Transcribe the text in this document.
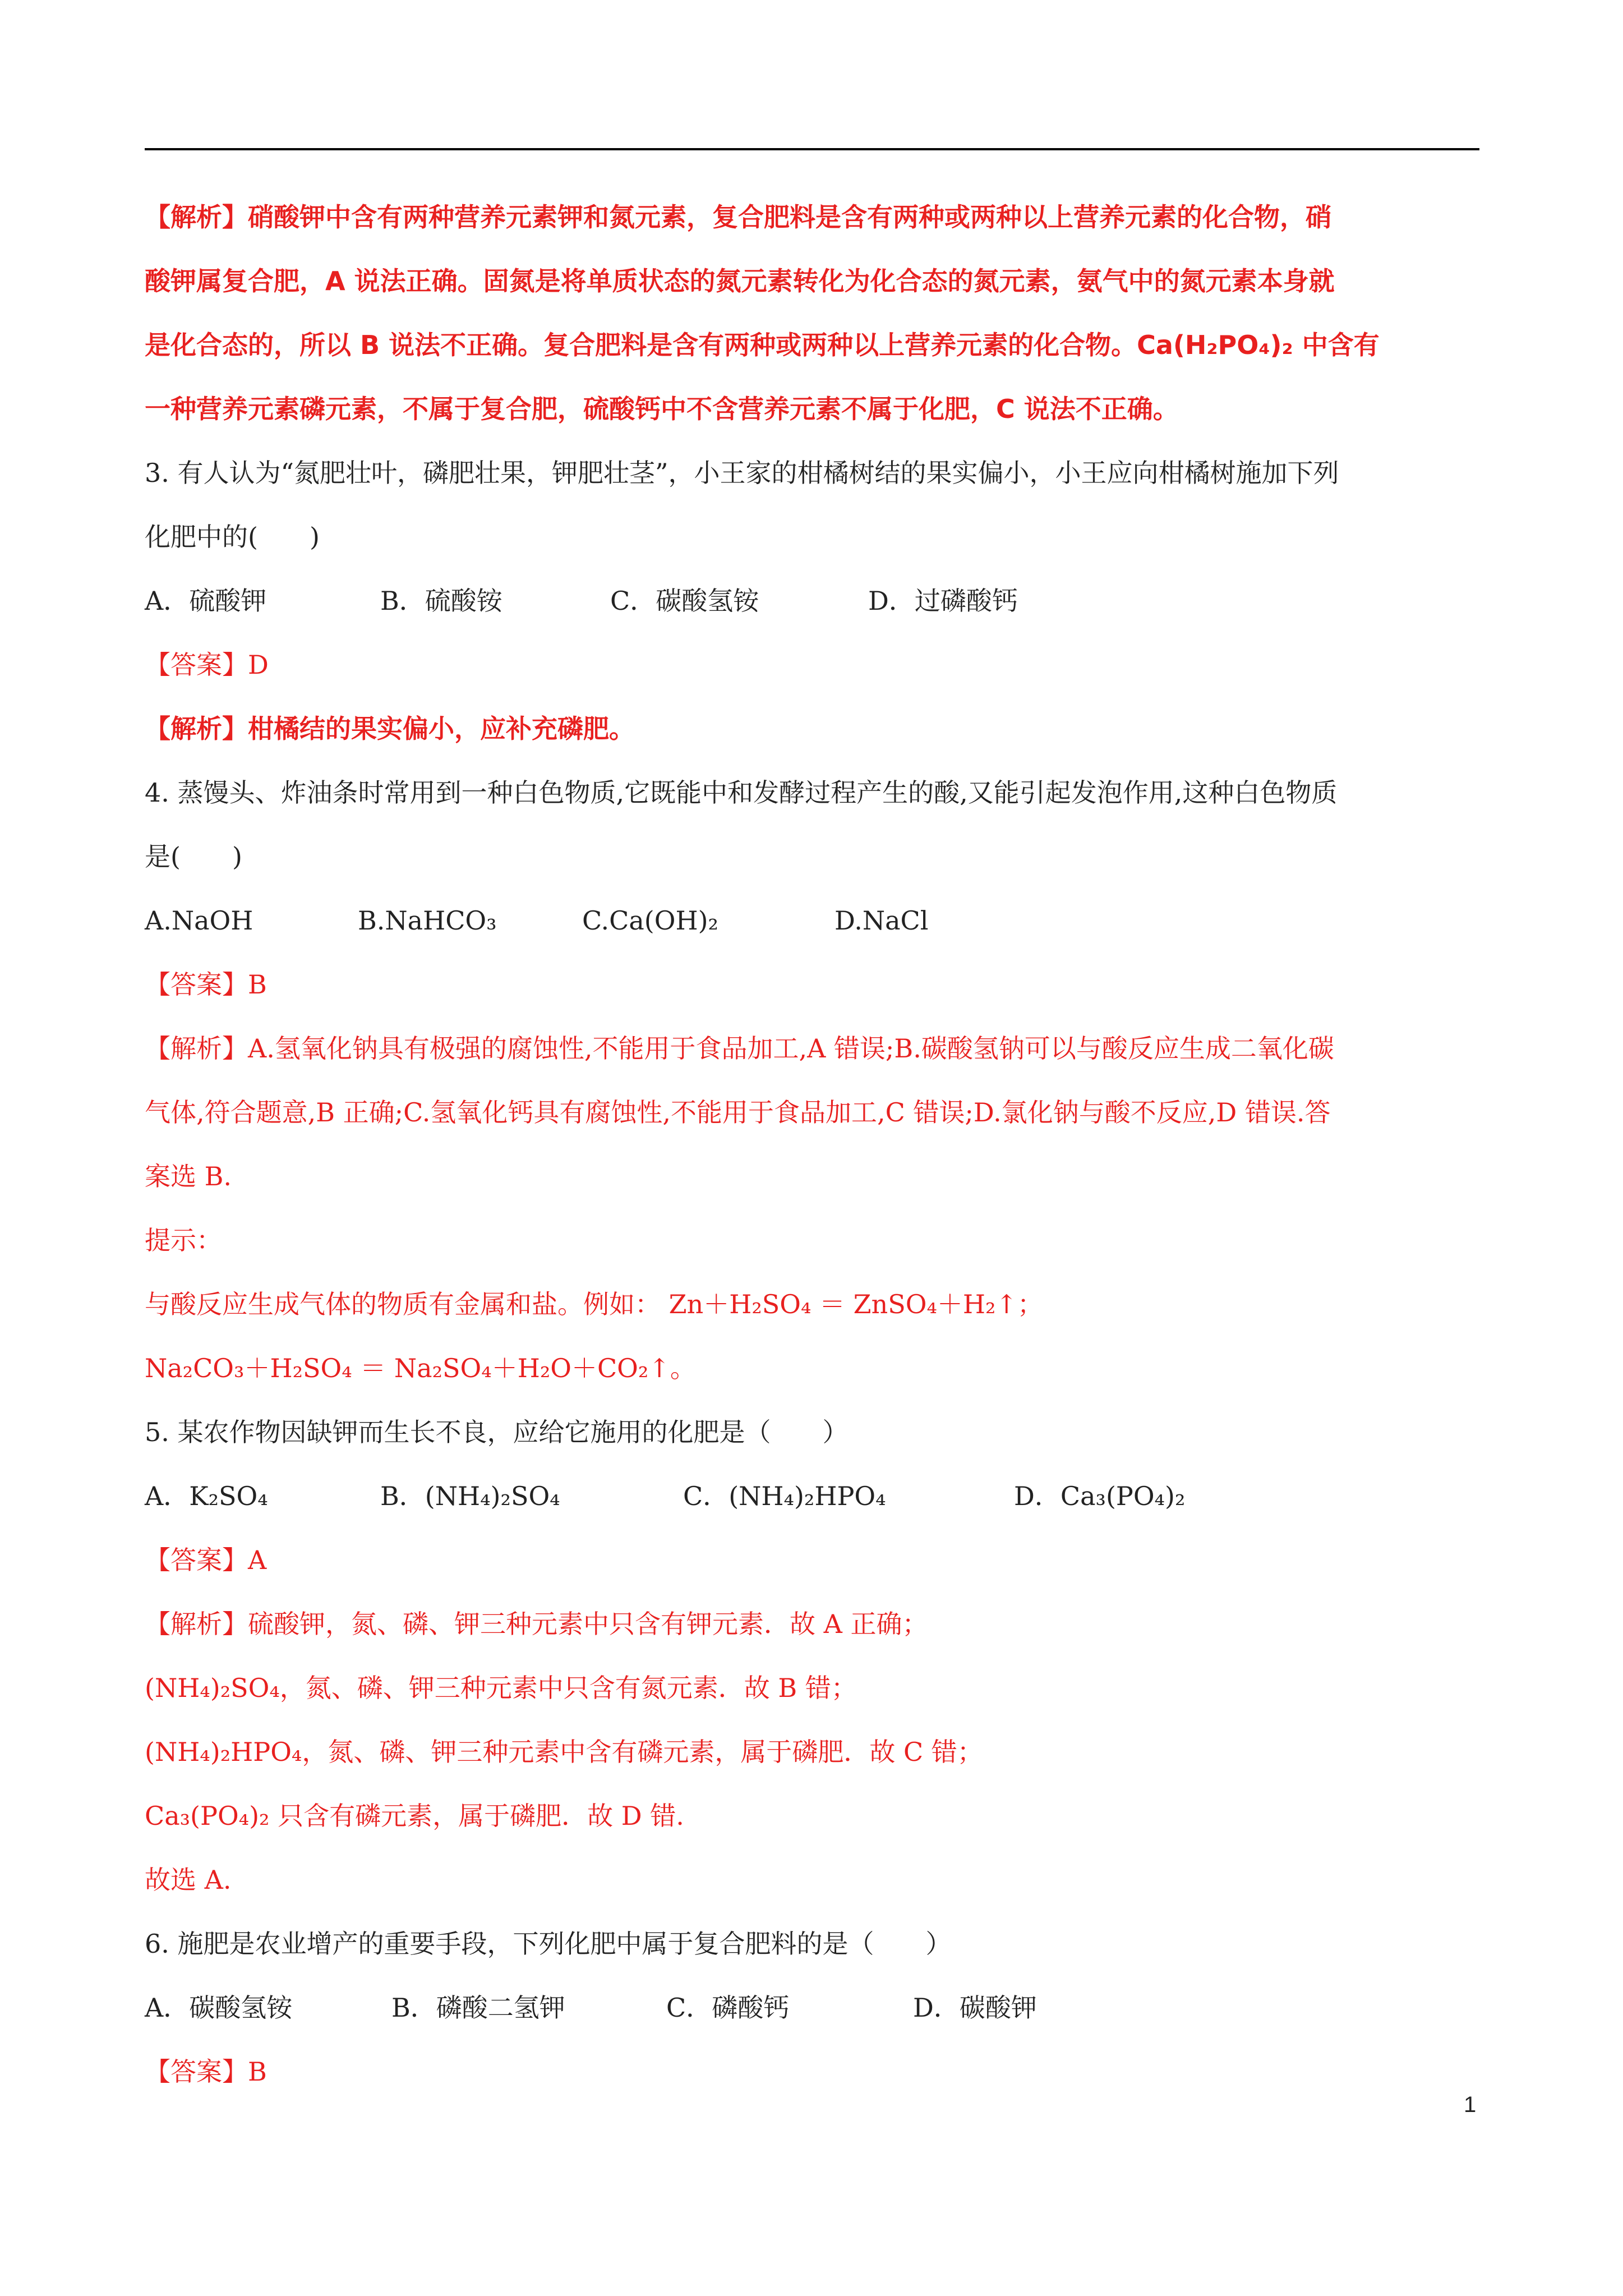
【解析】硝酸钾中含有两种营养元素钾和氮元素，复合肥料是含有两种或两种以上营养元素的化合物，硝

酸钾属复合肥，A 说法正确。固氮是将单质状态的氮元素转化为化合态的氮元素，氨气中的氮元素本身就

是化合态的，所以 B 说法不正确。复合肥料是含有两种或两种以上营养元素的化合物。Ca(H₂PO₄)₂ 中含有

一种营养元素磷元素，不属于复合肥，硫酸钙中不含营养元素不属于化肥，C 说法不正确。

3. 有人认为“氮肥壮叶，磷肥壮果，钾肥壮茎”，小王家的柑橘树结的果实偏小，小王应向柑橘树施加下列

化肥中的(　　)

A．硫酸钾	B．硫酸铵	C．碳酸氢铵	D．过磷酸钙

【答案】D

【解析】柑橘结的果实偏小，应补充磷肥。

4. 蒸馒头、炸油条时常用到一种白色物质,它既能中和发酵过程产生的酸,又能引起发泡作用,这种白色物质

是(　　)

A.NaOH	B.NaHCO₃	C.Ca(OH)₂	D.NaCl

【答案】B

【解析】A.氢氧化钠具有极强的腐蚀性,不能用于食品加工,A 错误;B.碳酸氢钠可以与酸反应生成二氧化碳

气体,符合题意,B 正确;C.氢氧化钙具有腐蚀性,不能用于食品加工,C 错误;D.氯化钠与酸不反应,D 错误.答

案选 B.

提示：

与酸反应生成气体的物质有金属和盐。例如： Zn＋H₂SO₄ ＝ ZnSO₄＋H₂↑；

Na₂CO₃＋H₂SO₄ ＝ Na₂SO₄＋H₂O＋CO₂↑。

5. 某农作物因缺钾而生长不良，应给它施用的化肥是（　　）

A．K₂SO₄	B．(NH₄)₂SO₄	C．(NH₄)₂HPO₄	D．Ca₃(PO₄)₂

【答案】A

【解析】硫酸钾，氮、磷、钾三种元素中只含有钾元素．故 A 正确；

(NH₄)₂SO₄，氮、磷、钾三种元素中只含有氮元素．故 B 错；

(NH₄)₂HPO₄，氮、磷、钾三种元素中含有磷元素，属于磷肥．故 C 错；

Ca₃(PO₄)₂ 只含有磷元素，属于磷肥．故 D 错.

故选 A.

6. 施肥是农业增产的重要手段，下列化肥中属于复合肥料的是（　　）

A．碳酸氢铵	B．磷酸二氢钾	C．磷酸钙	D．碳酸钾

【答案】B

1
